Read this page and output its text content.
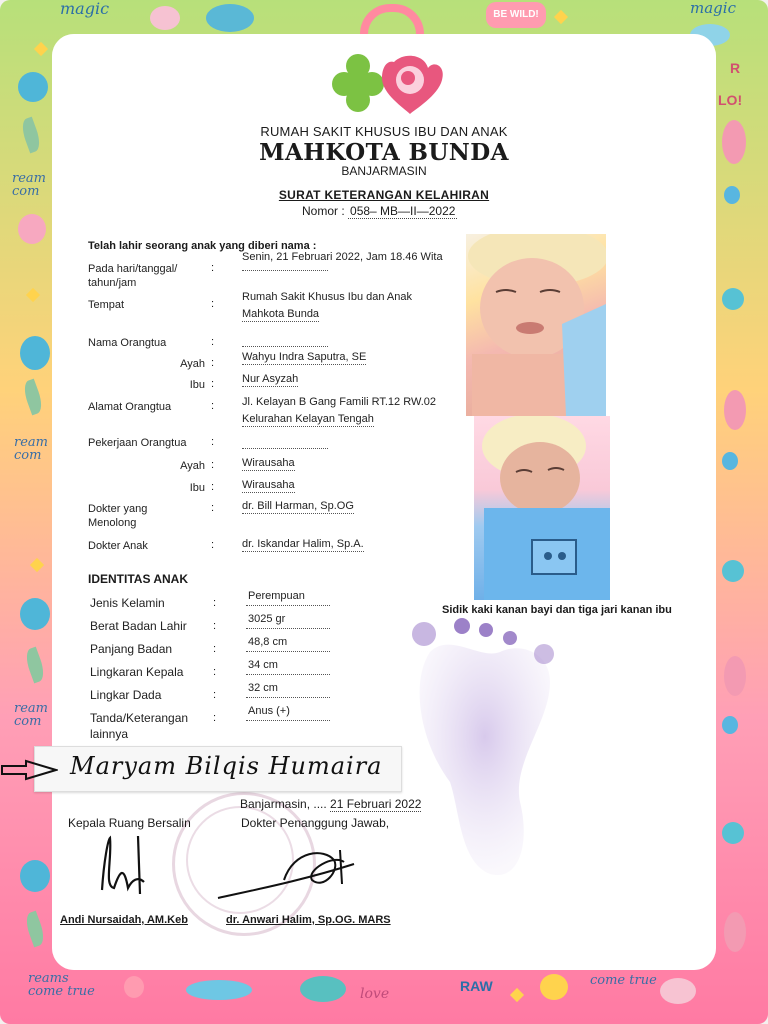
magic	magic
BE WILD!
ream com
ream com
ream com
R
LO!
reams come true	love	RAW	come true
RUMAH SAKIT KHUSUS IBU DAN ANAK
MAHKOTA BUNDA
BANJARMASIN
SURAT KETERANGAN KELAHIRAN
Nomor : 058– MB—II—2022
Telah lahir seorang anak yang diberi nama :
Pada hari/tanggal/ tahun/jam
:
Senin, 21 Februari 2022, Jam 18.46 Wita
Tempat	:
Rumah Sakit Khusus Ibu dan Anak
Mahkota Bunda
Nama Orangtua	:
Ayah :	Wahyu Indra Saputra, SE
Ibu :	Nur Asyzah
Alamat Orangtua	:	Jl. Kelayan B Gang Famili RT.12 RW.02
Kelurahan Kelayan Tengah
Pekerjaan Orangtua :
Ayah :	Wirausaha
Ibu :	Wirausaha
Dokter yang Menolong
:	dr. Bill Harman, Sp.OG
Dokter Anak	:	dr. Iskandar Halim, Sp.A.
IDENTITAS ANAK
Jenis Kelamin	:
Perempuan
Berat Badan Lahir :
3025 gr
Panjang Badan	:
48,8 cm
Lingkaran Kepala	:
34 cm
Lingkar Dada	:
32 cm
Tanda/Keterangan lainnya
:
Anus (+)
Sidik kaki kanan bayi dan tiga jari kanan ibu
Maryam Bilqis Humaira
Banjarmasin, .... 21 Februari 2022
Kepala Ruang Bersalin	Dokter Penanggung Jawab,
Andi Nursaidah, AM.Keb	dr. Anwari Halim, Sp.OG. MARS
